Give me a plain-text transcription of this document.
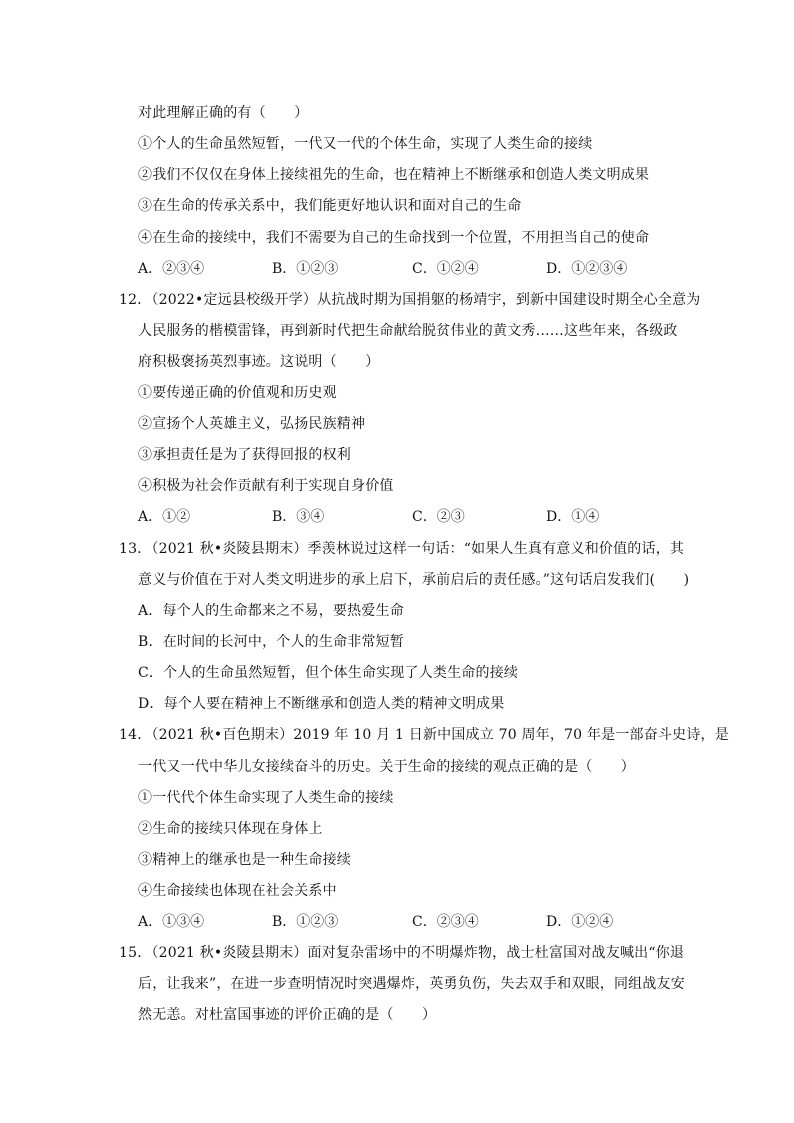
对此理解正确的有（　　）
①个人的生命虽然短暂，一代又一代的个体生命，实现了人类生命的接续
②我们不仅仅在身体上接续祖先的生命，也在精神上不断继承和创造人类文明成果
③在生命的传承关系中，我们能更好地认识和面对自己的生命
④在生命的接续中，我们不需要为自己的生命找到一个位置，不用担当自己的使命
A．②③④	B．①②③	C．①②④	D．①②③④
12．（2022•定远县校级开学）从抗战时期为国捐躯的杨靖宇，到新中国建设时期全心全意为
人民服务的楷模雷锋，再到新时代把生命献给脱贫伟业的黄文秀……这些年来，各级政
府积极褒扬英烈事迹。这说明（　　）
①要传递正确的价值观和历史观
②宣扬个人英雄主义，弘扬民族精神
③承担责任是为了获得回报的权利
④积极为社会作贡献有利于实现自身价值
A．①②	B．③④	C．②③	D．①④
13．（2021 秋•炎陵县期末）季羡林说过这样一句话：“如果人生真有意义和价值的话，其
意义与价值在于对人类文明进步的承上启下，承前启后的责任感。”这句话启发我们(　　)
A．每个人的生命都来之不易，要热爱生命
B．在时间的长河中，个人的生命非常短暂
C．个人的生命虽然短暂，但个体生命实现了人类生命的接续
D．每个人要在精神上不断继承和创造人类的精神文明成果
14．（2021 秋•百色期末）2019 年 10 月 1 日新中国成立 70 周年，70 年是一部奋斗史诗，是
一代又一代中华儿女接续奋斗的历史。关于生命的接续的观点正确的是（　　）
①一代代个体生命实现了人类生命的接续
②生命的接续只体现在身体上
③精神上的继承也是一种生命接续
④生命接续也体现在社会关系中
A．①③④	B．①②③	C．②③④	D．①②④
15．（2021 秋•炎陵县期末）面对复杂雷场中的不明爆炸物，战士杜富国对战友喊出“你退
后，让我来”，在进一步查明情况时突遇爆炸，英勇负伤，失去双手和双眼，同组战友安
然无恙。对杜富国事迹的评价正确的是（　　）
